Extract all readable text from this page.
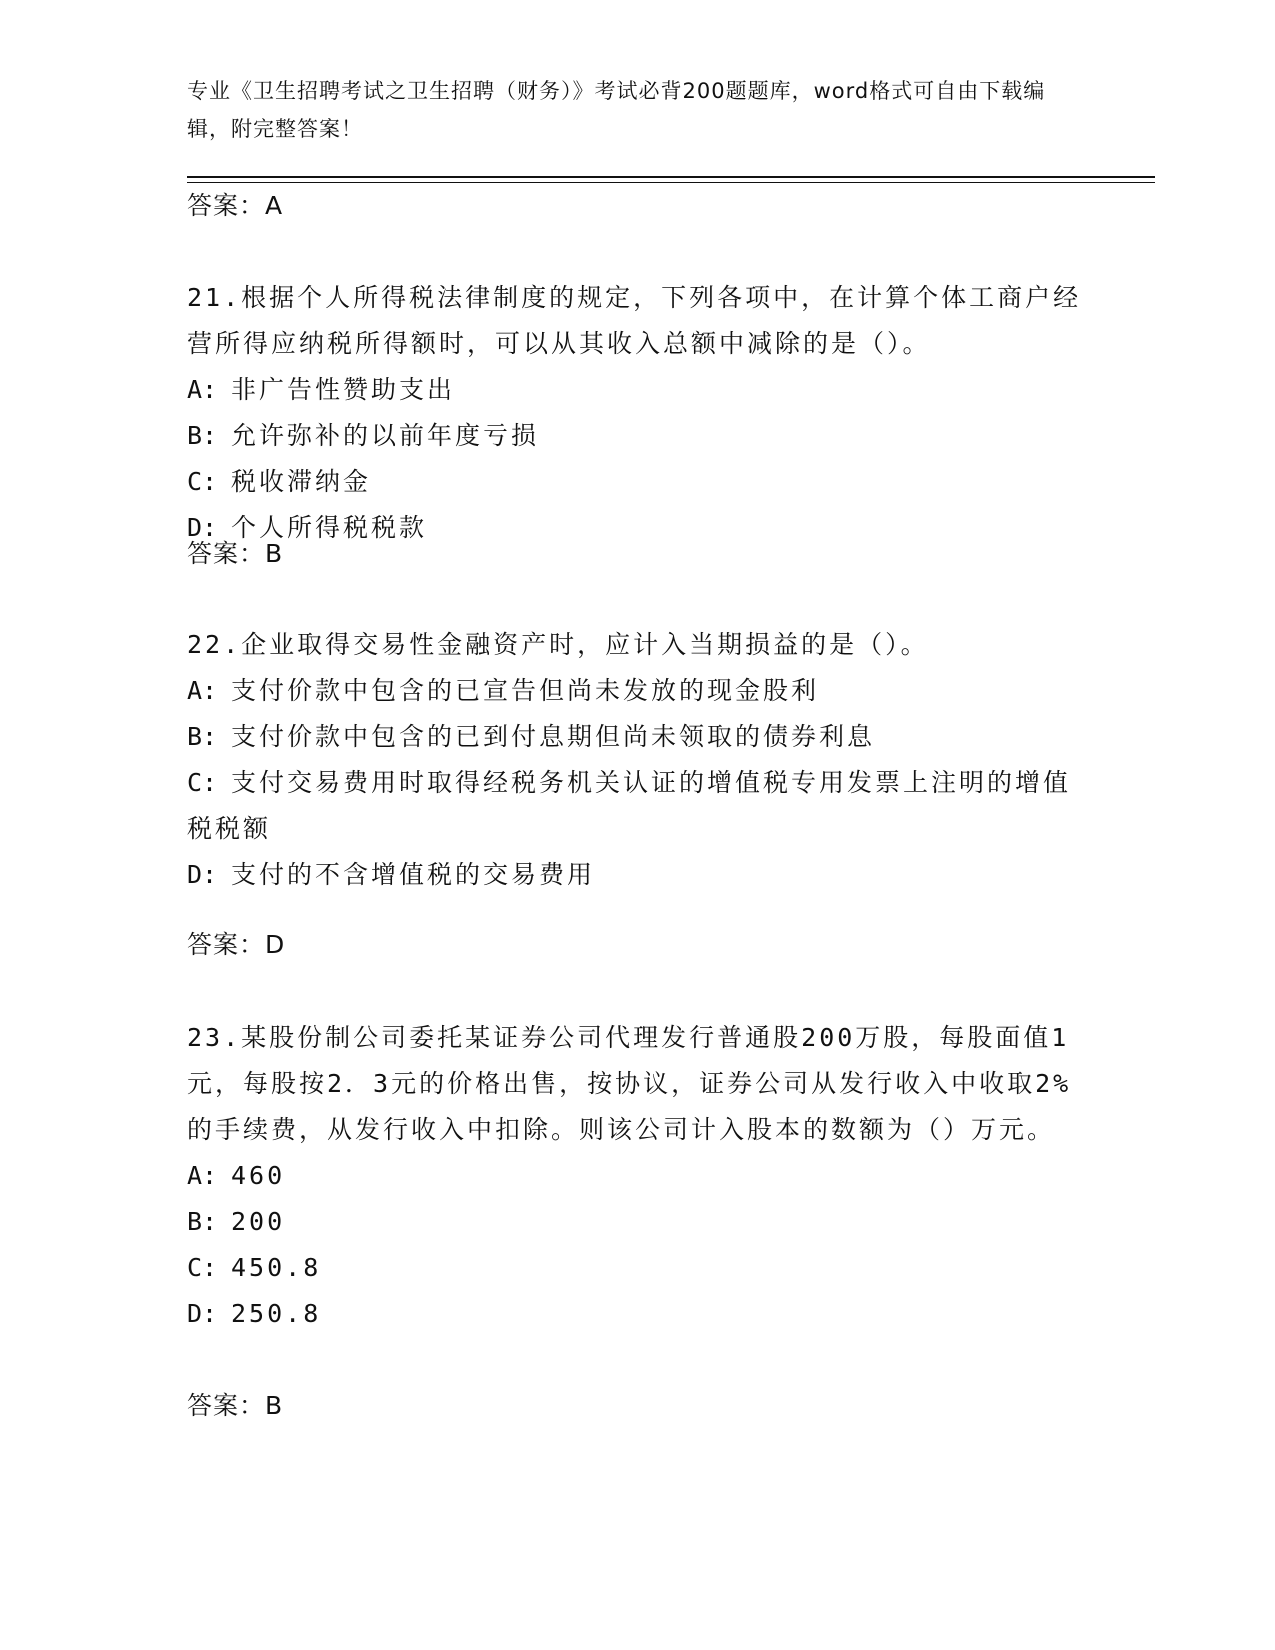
专业《卫生招聘考试之卫生招聘（财务）》考试必背200题题库，word格式可自由下载编辑，附完整答案！
答案：A
21.根据个人所得税法律制度的规定，下列各项中，在计算个体工商户经营所得应纳税所得额时，可以从其收入总额中减除的是（）。
A: 非广告性赞助支出
B: 允许弥补的以前年度亏损
C: 税收滞纳金
D: 个人所得税税款
答案：B
22.企业取得交易性金融资产时，应计入当期损益的是（）。
A: 支付价款中包含的已宣告但尚未发放的现金股利
B: 支付价款中包含的已到付息期但尚未领取的债券利息
C: 支付交易费用时取得经税务机关认证的增值税专用发票上注明的增值税税额
D: 支付的不含增值税的交易费用
答案：D
23.某股份制公司委托某证券公司代理发行普通股200万股，每股面值1元，每股按2．3元的价格出售，按协议，证券公司从发行收入中收取2%的手续费，从发行收入中扣除。则该公司计入股本的数额为（）万元。
A: 460
B: 200
C: 450.8
D: 250.8
答案：B
